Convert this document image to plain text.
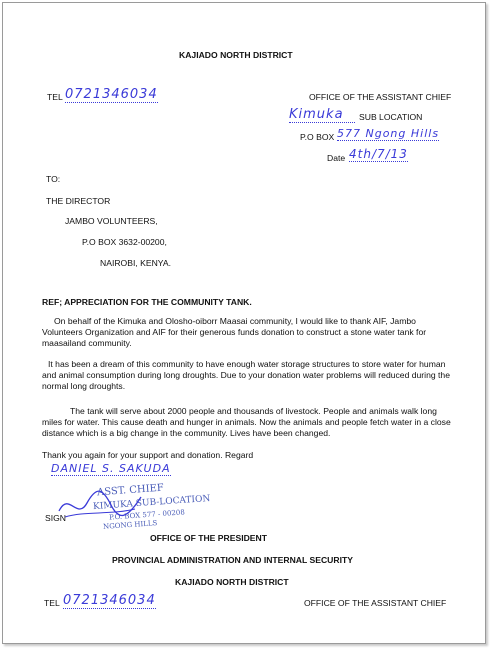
KAJIADO NORTH DISTRICT
TEL 0721346034	OFFICE OF THE ASSISTANT CHIEF
Kimuka	SUB LOCATION
P.O BOX 577 Ngong Hills
Date 4th/7/13
TO:
THE DIRECTOR
JAMBO VOLUNTEERS,
P.O BOX 3632-00200,
NAIROBI, KENYA.
REF; APPRECIATION FOR THE COMMUNITY TANK.
On behalf of the Kimuka and Olosho-oiborr Maasai community, I would like to thank AIF, Jambo Volunteers Organization and AIF for their generous funds donation to construct a stone water tank for maasailand community.
It has been a dream of this community to have enough water storage structures to store water for human and animal consumption during long droughts. Due to your donation water problems will reduced during the normal long droughts.
The tank will serve about 2000 people and thousands of livestock. People and animals walk long miles for water. This cause death and hunger in animals. Now the animals and people fetch water in a close distance which is a big change in the community. Lives have been changed.
Thank you again for your support and donation. Regard
DANIEL S. SAKUDA
ASST. CHIEF
KIMUKA SUB-LOCATION
P.O. BOX 577 - 00208
NGONG HILLS
SIGN
OFFICE OF THE PRESIDENT
PROVINCIAL ADMINISTRATION AND INTERNAL SECURITY
KAJIADO NORTH DISTRICT
TEL 0721346034	OFFICE OF THE ASSISTANT CHIEF
